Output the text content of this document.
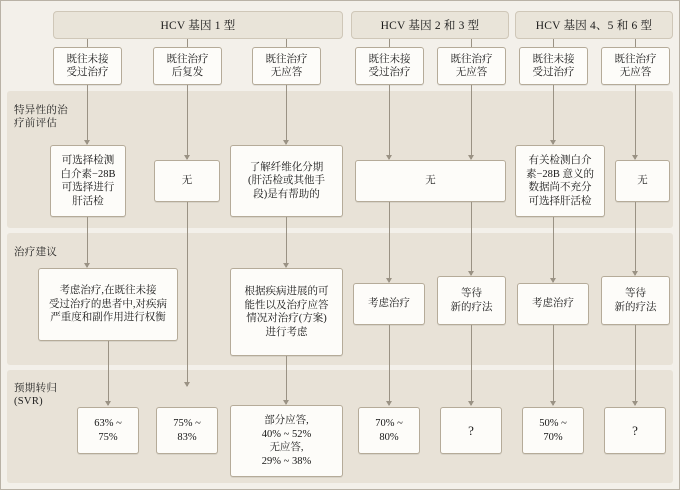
特异性的治
疗前评估
治疗建议
预期转归
(SVR)
HCV 基因 1 型	HCV 基因 2 和 3 型	HCV 基因 4、5 和 6 型
既往未接
受过治疗
既往治疗
后复发
既往治疗
无应答
既往未接
受过治疗
既往治疗
无应答
既往未接
受过治疗
既往治疗
无应答
可选择检测
白介素−28B
可选择进行
肝活检
无
了解纤维化分期
(肝活检或其他手
段)是有帮助的
无
有关检测白介
素−28B 意义的
数据尚不充分
可选择肝活检
无
考虑治疗,在既往未接
受过治疗的患者中,对疾病
严重度和副作用进行权衡
根据疾病进展的可
能性以及治疗应答
情况对治疗(方案)
进行考虑
考虑治疗
等待
新的疗法	考虑治疗
等待
新的疗法
63% ~
75%
75% ~
83%
部分应答,
40% ~ 52%
无应答,
29% ~ 38%
70% ~
80%	?	50% ~
70%	?
